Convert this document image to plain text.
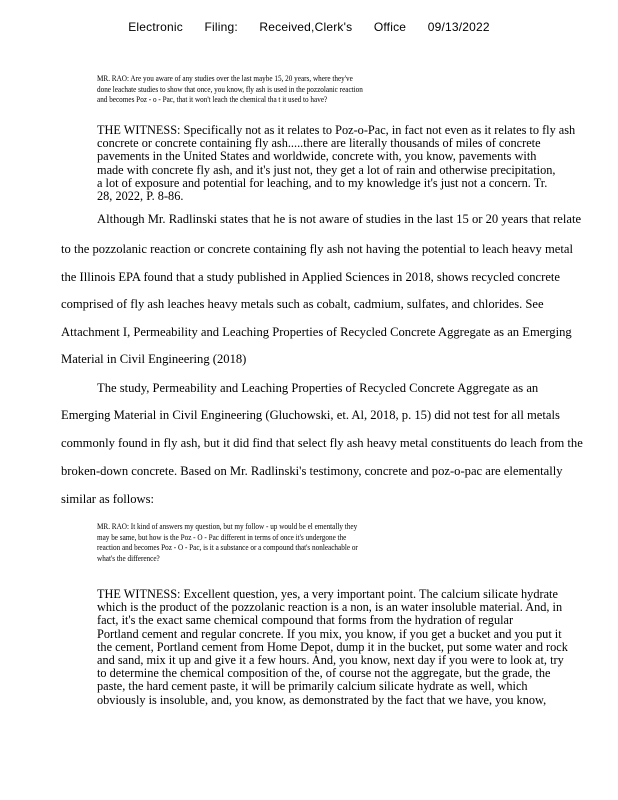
Electronic Filing: Received,Clerk's Office 09/13/2022
MR. RAO: Are you aware of any studies over the last maybe 15, 20 years, where they've
done leachate studies to show that once, you know, fly ash is used in the pozzolanic reaction
and becomes Poz - o - Pac, that it won't leach the chemical tha t it used to have?
THE WITNESS: Specifically not as it relates to Poz-o-Pac, in fact not even as it relates to fly ash
concrete or concrete containing fly ash.....there are literally thousands of miles of concrete
pavements in the United States and worldwide, concrete with, you know, pavements with
made with concrete fly ash, and it's just not, they get a lot of rain and otherwise precipitation,
a lot of exposure and potential for leaching, and to my knowledge it's just not a concern. Tr.
28, 2022, P. 8-86.
Although Mr. Radlinski states that he is not aware of studies in the last 15 or 20 years that relate
to the pozzolanic reaction or concrete containing fly ash not having the potential to leach heavy metal
the Illinois EPA found that a study published in Applied Sciences in 2018, shows recycled concrete
comprised of fly ash leaches heavy metals such as cobalt, cadmium, sulfates, and chlorides. See
Attachment I, Permeability and Leaching Properties of Recycled Concrete Aggregate as an Emerging
Material in Civil Engineering (2018)
The study, Permeability and Leaching Properties of Recycled Concrete Aggregate as an
Emerging Material in Civil Engineering (Gluchowski, et. Al, 2018, p. 15) did not test for all metals
commonly found in fly ash, but it did find that select fly ash heavy metal constituents do leach from the
broken-down concrete. Based on Mr. Radlinski's testimony, concrete and poz-o-pac are elementally
similar as follows:
MR. RAO: It kind of answers my question, but my follow - up would be el ementally they
may be same, but how is the Poz - O - Pac different in terms of once it's undergone the
reaction and becomes Poz - O - Pac, is it a substance or a compound that's nonleachable or
what's the difference?
THE WITNESS: Excellent question, yes, a very important point. The calcium silicate hydrate
which is the product of the pozzolanic reaction is a non, is an water insoluble material. And, in
fact, it's the exact same chemical compound that forms from the hydration of regular
Portland cement and regular concrete. If you mix, you know, if you get a bucket and you put it
the cement, Portland cement from Home Depot, dump it in the bucket, put some water and rock
and sand, mix it up and give it a few hours. And, you know, next day if you were to look at, try
to determine the chemical composition of the, of course not the aggregate, but the grade, the
paste, the hard cement paste, it will be primarily calcium silicate hydrate as well, which
obviously is insoluble, and, you know, as demonstrated by the fact that we have, you know,
